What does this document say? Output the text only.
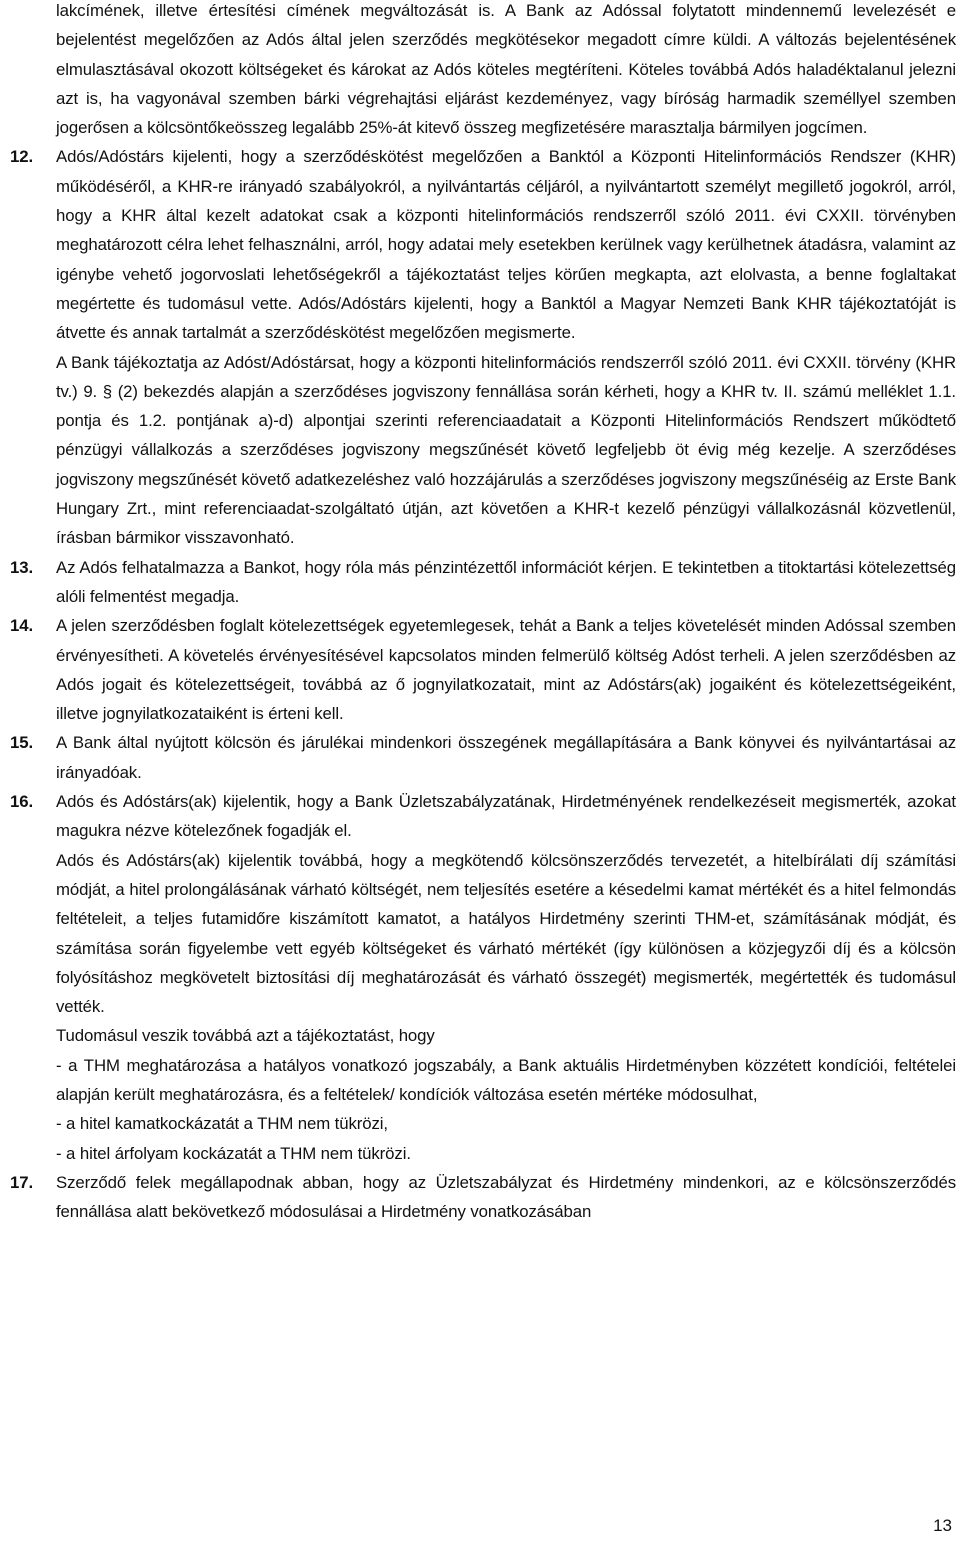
lakcímének, illetve értesítési címének megváltozását is. A Bank az Adóssal folytatott mindennemű levelezését e bejelentést megelőzően az Adós által jelen szerződés megkötésekor megadott címre küldi. A változás bejelentésének elmulasztásával okozott költségeket és károkat az Adós köteles megtéríteni. Köteles továbbá Adós haladéktalanul jelezni azt is, ha vagyonával szemben bárki végrehajtási eljárást kezdeményez, vagy bíróság harmadik személlyel szemben jogerősen a kölcsöntőkeösszeg legalább 25%-át kitevő összeg megfizetésére marasztalja bármilyen jogcímen.

12.	Adós/Adóstárs kijelenti, hogy a szerződéskötést megelőzően a Banktól a Központi Hitelinformációs Rendszer (KHR) működéséről, a KHR-re irányadó szabályokról, a nyilvántartás céljáról, a nyilvántartott személyt megillető jogokról, arról, hogy a KHR által kezelt adatokat csak a központi hitelinformációs rendszerről szóló 2011. évi CXXII. törvényben meghatározott célra lehet felhasználni, arról, hogy adatai mely esetekben kerülnek vagy kerülhetnek átadásra, valamint az igénybe vehető jogorvoslati lehetőségekről a tájékoztatást teljes körűen megkapta, azt elolvasta, a benne foglaltakat megértette és tudomásul vette. Adós/Adóstárs kijelenti, hogy a Banktól a Magyar Nemzeti Bank KHR tájékoztatóját is átvette és annak tartalmát a szerződéskötést megelőzően megismerte.

A Bank tájékoztatja az Adóst/Adóstársat, hogy a központi hitelinformációs rendszerről szóló 2011. évi CXXII. törvény (KHR tv.) 9. § (2) bekezdés alapján a szerződéses jogviszony fennállása során kérheti, hogy a KHR tv. II. számú melléklet 1.1. pontja és 1.2. pontjának a)-d) alpontjai szerinti referenciaadatait a Központi Hitelinformációs Rendszert működtető pénzügyi vállalkozás a szerződéses jogviszony megszűnését követő legfeljebb öt évig még kezelje. A szerződéses jogviszony megszűnését követő adatkezeléshez való hozzájárulás a szerződéses jogviszony megszűnéséig az Erste Bank Hungary Zrt., mint referenciaadat-szolgáltató útján, azt követően a KHR-t kezelő pénzügyi vállalkozásnál közvetlenül, írásban bármikor visszavonható.

13.	Az Adós felhatalmazza a Bankot, hogy róla más pénzintézettől információt kérjen. E tekintetben a titoktartási kötelezettség alóli felmentést megadja.

14.	A jelen szerződésben foglalt kötelezettségek egyetemlegesek, tehát a Bank a teljes követelését minden Adóssal szemben érvényesítheti. A követelés érvényesítésével kapcsolatos minden felmerülő költség Adóst terheli. A jelen szerződésben az Adós jogait és kötelezettségeit, továbbá az ő jognyilatkozatait, mint az Adóstárs(ak) jogaiként és kötelezettségeiként, illetve jognyilatkozataiként is érteni kell.

15.	A Bank által nyújtott kölcsön és járulékai mindenkori összegének megállapítására a Bank könyvei és nyilvántartásai az irányadóak.

16.	Adós és Adóstárs(ak) kijelentik, hogy a Bank Üzletszabályzatának, Hirdetményének rendelkezéseit megismerték, azokat magukra nézve kötelezőnek fogadják el.

Adós és Adóstárs(ak) kijelentik továbbá, hogy a megkötendő kölcsönszerződés tervezetét, a hitelbírálati díj számítási módját, a hitel prolongálásának várható költségét, nem teljesítés esetére a késedelmi kamat mértékét és a hitel felmondás feltételeit, a teljes futamidőre kiszámított kamatot, a hatályos Hirdetmény szerinti THM-et, számításának módját, és számítása során figyelembe vett egyéb költségeket és várható mértékét (így különösen a közjegyzői díj és a kölcsön folyósításhoz megkövetelt biztosítási díj meghatározását és várható összegét) megismerték, megértették és tudomásul vették.

Tudomásul veszik továbbá azt a tájékoztatást, hogy

- a THM meghatározása a hatályos vonatkozó jogszabály, a Bank aktuális Hirdetményben közzétett kondíciói, feltételei alapján került meghatározásra, és a feltételek/ kondíciók változása esetén mértéke módosulhat,

- a hitel kamatkockázatát a THM nem tükrözi,

- a hitel árfolyam kockázatát a THM nem tükrözi.

17.	Szerződő felek megállapodnak abban, hogy az Üzletszabályzat és Hirdetmény mindenkori, az e kölcsönszerződés fennállása alatt bekövetkező módosulásai a Hirdetmény vonatkozásában

13
